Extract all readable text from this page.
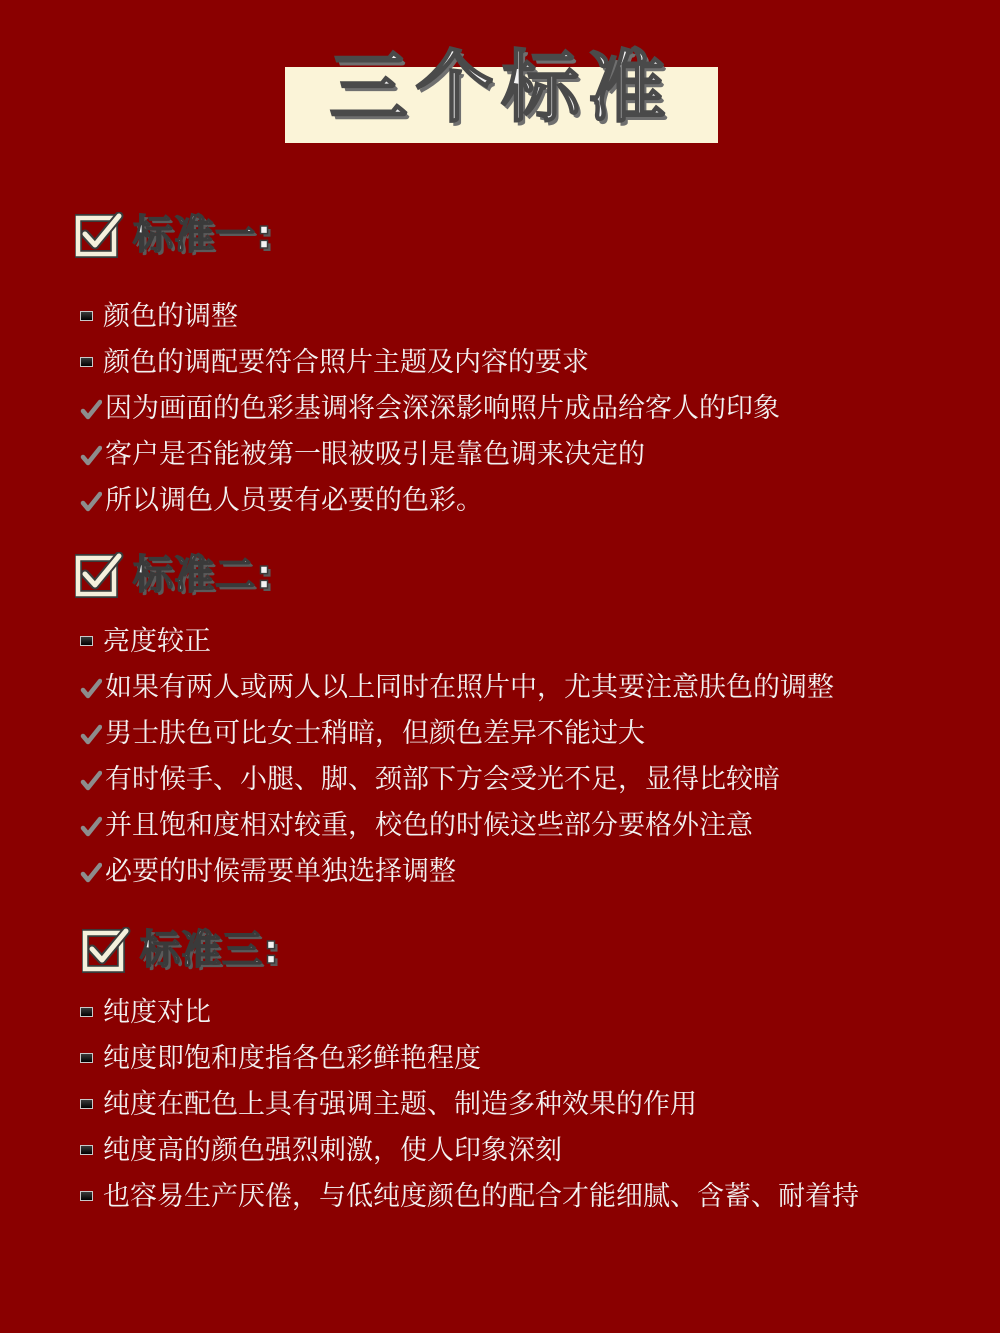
三个标准
标准一:
颜色的调整
颜色的调配要符合照片主题及内容的要求
因为画面的色彩基调将会深深影响照片成品给客人的印象
客户是否能被第一眼被吸引是靠色调来决定的
所以调色人员要有必要的色彩。
标准二:
亮度较正
如果有两人或两人以上同时在照片中，尤其要注意肤色的调整
男士肤色可比女士稍暗，但颜色差异不能过大
有时候手、小腿、脚、颈部下方会受光不足，显得比较暗
并且饱和度相对较重，校色的时候这些部分要格外注意
必要的时候需要单独选择调整
标准三:
纯度对比
纯度即饱和度指各色彩鲜艳程度
纯度在配色上具有强调主题、制造多种效果的作用
纯度高的颜色强烈刺激，使人印象深刻
也容易生产厌倦，与低纯度颜色的配合才能细腻、含蓄、耐着持
